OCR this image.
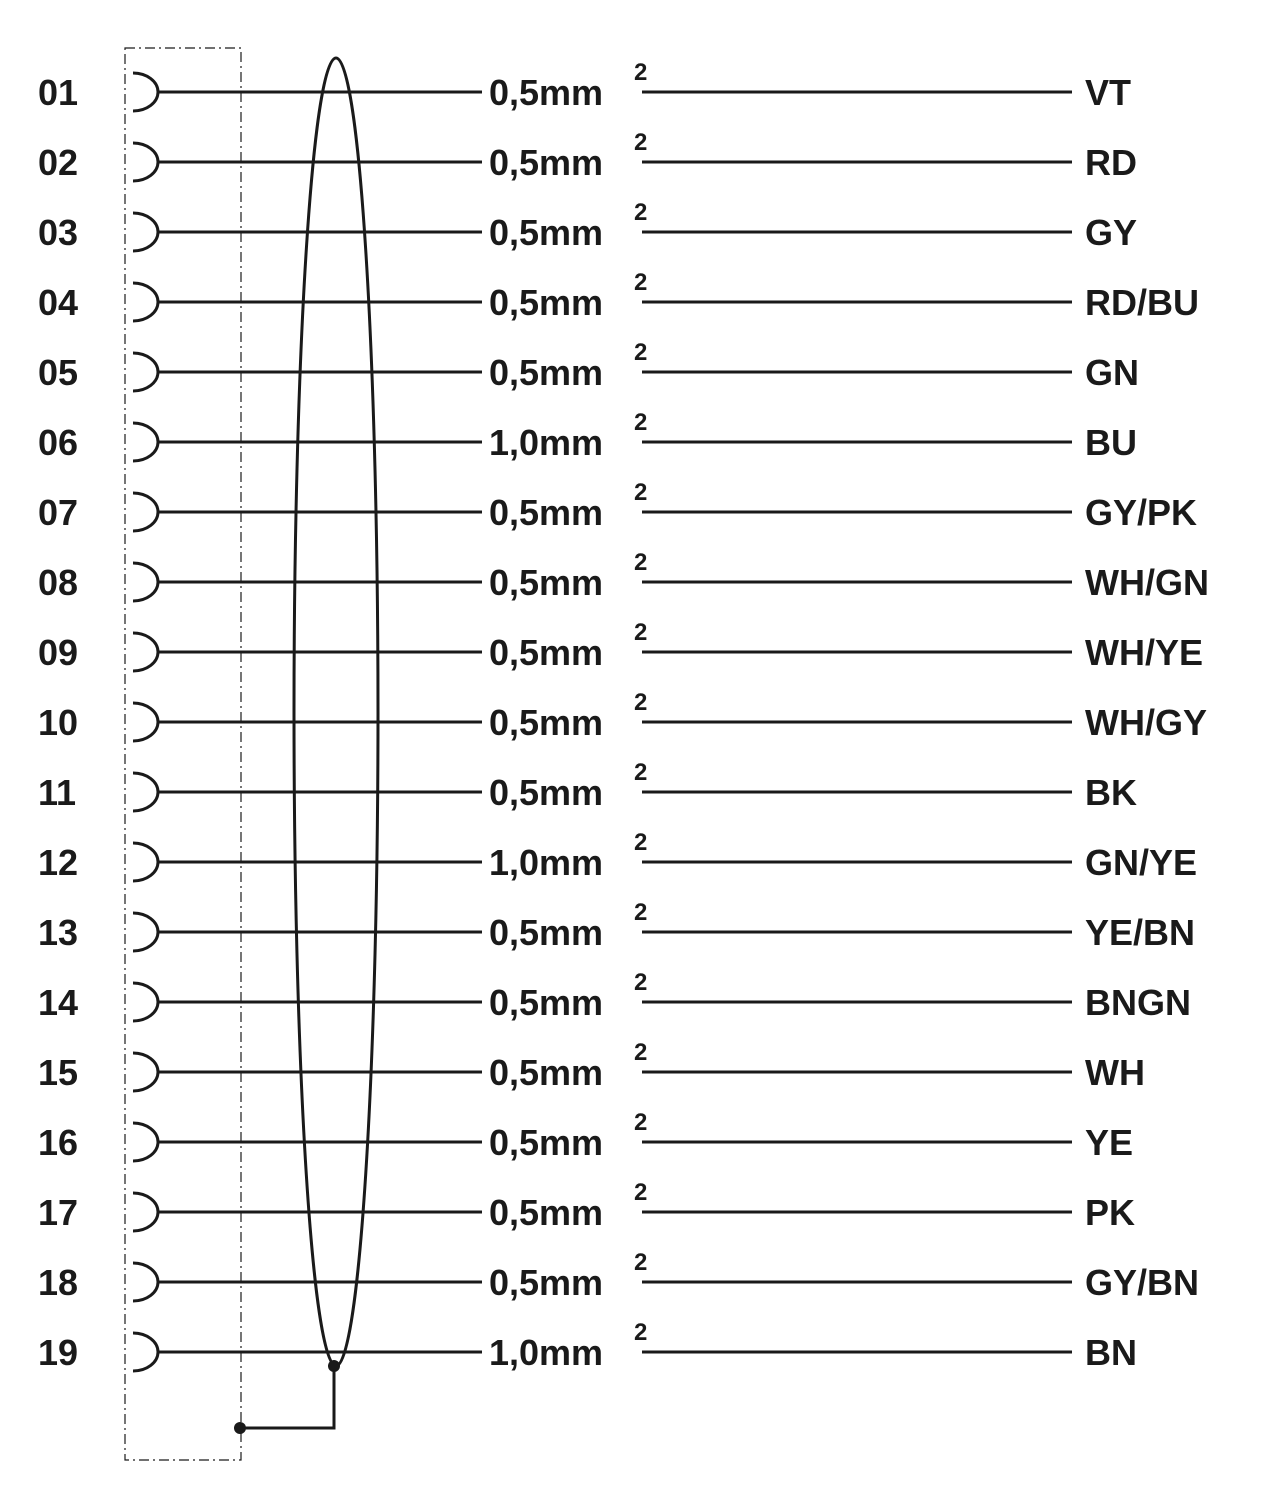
01	0,5mm 2	VT
02	0,5mm 2	RD
03	0,5mm 2	GY
04	0,5mm 2	RD/BU
05	0,5mm 2	GN
06	1,0mm 2	BU
07	0,5mm 2	GY/PK
08	0,5mm 2	WH/GN
09	0,5mm 2	WH/YE
10	0,5mm 2	WH/GY
11	0,5mm 2	BK
12	1,0mm 2	GN/YE
13	0,5mm 2	YE/BN
14	0,5mm 2	BNGN
15	0,5mm 2	WH
16	0,5mm 2	YE
17	0,5mm 2	PK
18	0,5mm 2	GY/BN
19	1,0mm 2	BN
